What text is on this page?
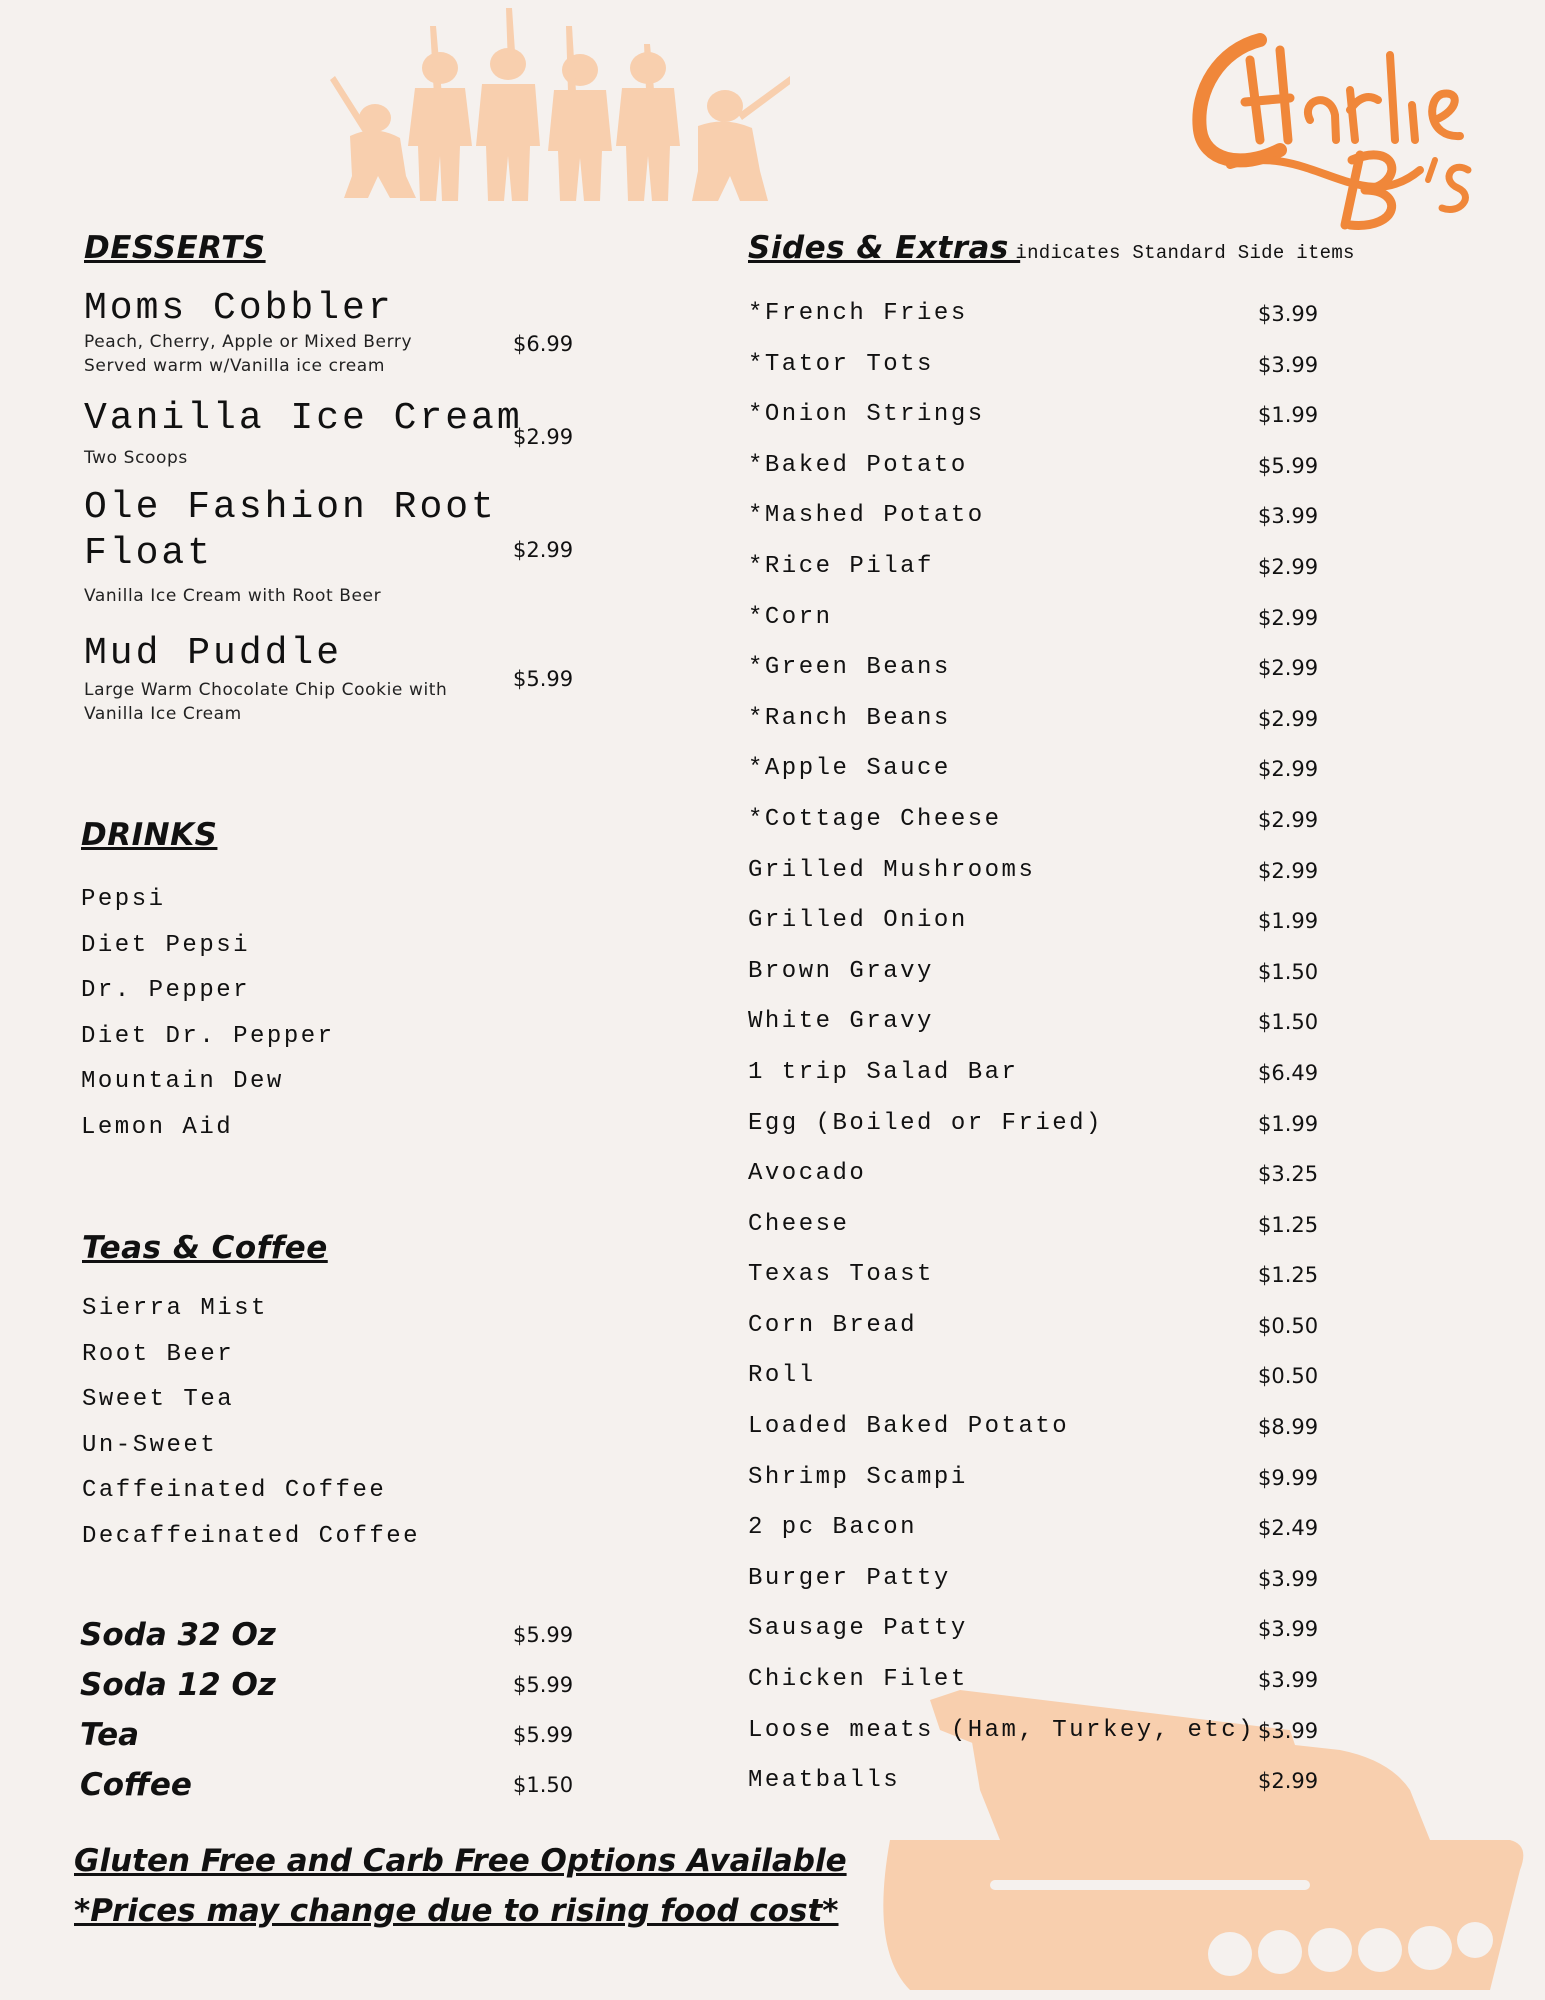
DESSERTS
Moms Cobbler
Peach, Cherry, Apple or Mixed Berry
Served warm w/Vanilla ice cream
$6.99
Vanilla Ice Cream
Two Scoops
$2.99
Ole Fashion Root
Float
Vanilla Ice Cream with Root Beer
$2.99
Mud Puddle
Large Warm Chocolate Chip Cookie with
Vanilla Ice Cream
$5.99
DRINKS
Pepsi
Diet Pepsi
Dr. Pepper
Diet Dr. Pepper
Mountain Dew
Lemon Aid
Teas & Coffee
Sierra Mist
Root Beer
Sweet Tea
Un-Sweet
Caffeinated Coffee
Decaffeinated Coffee
Soda 32 Oz	$5.99
Soda 12 Oz	$5.99
Tea	$5.99
Coffee	$1.50
Sides & Extras
* indicates Standard Side items
*French Fries	$3.99
*Tator Tots	$3.99
*Onion Strings	$1.99
*Baked Potato	$5.99
*Mashed Potato	$3.99
*Rice Pilaf	$2.99
*Corn	$2.99
*Green Beans	$2.99
*Ranch Beans	$2.99
*Apple Sauce	$2.99
*Cottage Cheese	$2.99
Grilled Mushrooms	$2.99
Grilled Onion	$1.99
Brown Gravy	$1.50
White Gravy	$1.50
1 trip Salad Bar	$6.49
Egg (Boiled or Fried)	$1.99
Avocado	$3.25
Cheese	$1.25
Texas Toast	$1.25
Corn Bread	$0.50
Roll	$0.50
Loaded Baked Potato	$8.99
Shrimp Scampi	$9.99
2 pc Bacon	$2.49
Burger Patty	$3.99
Sausage Patty	$3.99
Chicken Filet	$3.99
Loose meats (Ham, Turkey, etc) $3.99
Meatballs	$2.99
Gluten Free and Carb Free Options Available
*Prices may change due to rising food cost*
